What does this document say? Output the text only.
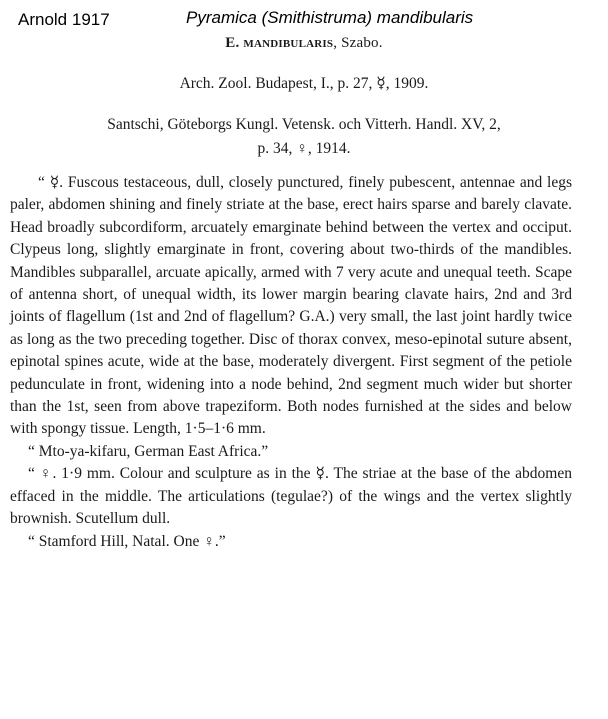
Arnold 1917	Pyramica (Smithistruma) mandibularis
E. mandibularis, Szabo.
Arch. Zool. Budapest, I., p. 27, ☿, 1909.
Santschi, Göteborgs Kungl. Vetensk. och Vitterh. Handl. XV, 2,
p. 34, ♀, 1914.

“ ☿. Fuscous testaceous, dull, closely punctured, finely pubescent, antennae and legs paler, abdomen shining and finely striate at the base, erect hairs sparse and barely clavate. Head broadly subcordiform, arcuately emarginate behind between the vertex and occiput. Clypeus long, slightly emarginate in front, covering about two-thirds of the mandibles. Mandibles subparallel, arcuate apically, armed with 7 very acute and unequal teeth. Scape of antenna short, of unequal width, its lower margin bearing clavate hairs, 2nd and 3rd joints of flagellum (1st and 2nd of flagellum? G.A.) very small, the last joint hardly twice as long as the two preceding together. Disc of thorax convex, meso-epinotal suture absent, epinotal spines acute, wide at the base, moderately divergent. First segment of the petiole pedunculate in front, widening into a node behind, 2nd segment much wider but shorter than the 1st, seen from above trapeziform. Both nodes furnished at the sides and below with spongy tissue. Length, 1·5–1·6 mm.

“ Mto-ya-kifaru, German East Africa.”

“ ♀. 1·9 mm. Colour and sculpture as in the ☿. The striae at the base of the abdomen effaced in the middle. The articulations (tegulae?) of the wings and the vertex slightly brownish. Scutellum dull.

“ Stamford Hill, Natal. One ♀.”
